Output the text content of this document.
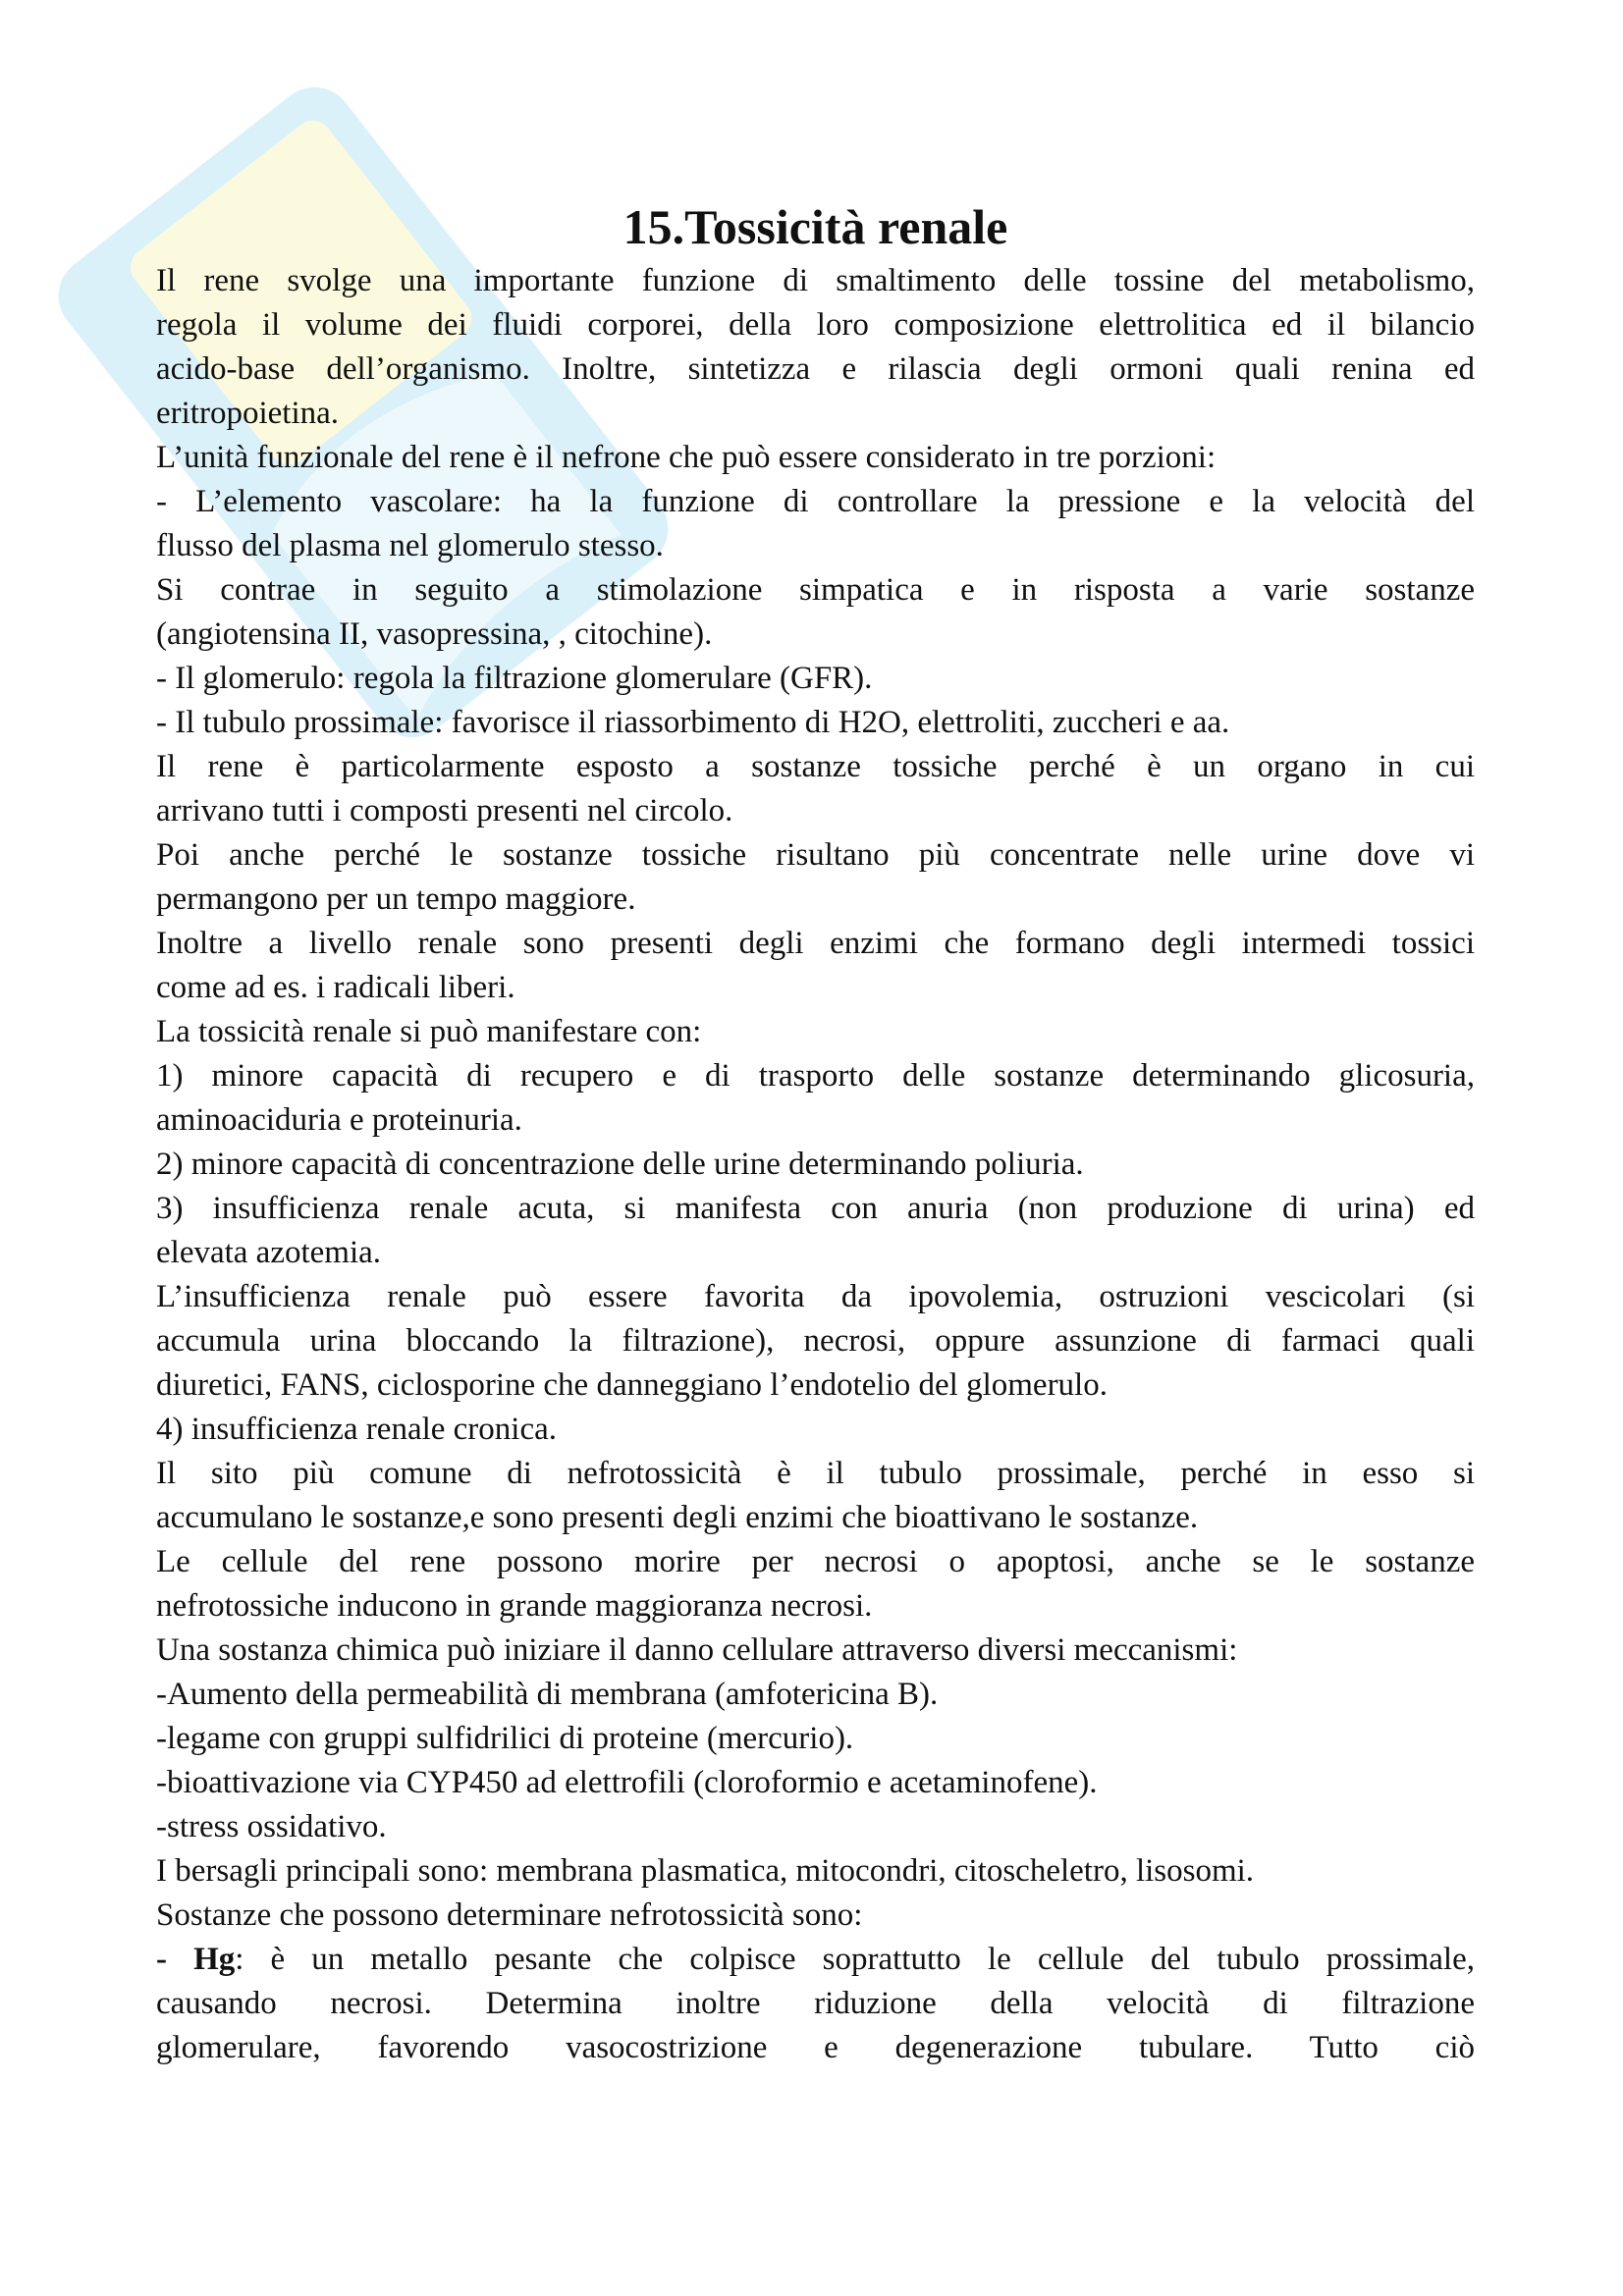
15.Tossicità renale
Il rene svolge una importante funzione di smaltimento delle tossine del metabolismo,
regola il volume dei fluidi corporei, della loro composizione elettrolitica ed il bilancio
acido-base dell’organismo. Inoltre, sintetizza e rilascia degli ormoni quali renina ed
eritropoietina.
L’unità funzionale del rene è il nefrone che può essere considerato in tre porzioni:
- L’elemento vascolare: ha la funzione di controllare la pressione e la velocità del
flusso del plasma nel glomerulo stesso.
Si contrae in seguito a stimolazione simpatica e in risposta a varie sostanze
(angiotensina II, vasopressina, , citochine).
- Il glomerulo: regola la filtrazione glomerulare (GFR).
- Il tubulo prossimale: favorisce il riassorbimento di H2O, elettroliti, zuccheri e aa.
Il rene è particolarmente esposto a sostanze tossiche perché è un organo in cui
arrivano tutti i composti presenti nel circolo.
Poi anche perché le sostanze tossiche risultano più concentrate nelle urine dove vi
permangono per un tempo maggiore.
Inoltre a livello renale sono presenti degli enzimi che formano degli intermedi tossici
come ad es. i radicali liberi.
La tossicità renale si può manifestare con:
1) minore capacità di recupero e di trasporto delle sostanze determinando glicosuria,
aminoaciduria e proteinuria.
2) minore capacità di concentrazione delle urine determinando poliuria.
3) insufficienza renale acuta, si manifesta con anuria (non produzione di urina) ed
elevata azotemia.
L’insufficienza renale può essere favorita da ipovolemia, ostruzioni vescicolari (si
accumula urina bloccando la filtrazione), necrosi, oppure assunzione di farmaci quali
diuretici, FANS, ciclosporine che danneggiano l’endotelio del glomerulo.
4) insufficienza renale cronica.
Il sito più comune di nefrotossicità è il tubulo prossimale, perché in esso si
accumulano le sostanze,e sono presenti degli enzimi che bioattivano le sostanze.
Le cellule del rene possono morire per necrosi o apoptosi, anche se le sostanze
nefrotossiche inducono in grande maggioranza necrosi.
Una sostanza chimica può iniziare il danno cellulare attraverso diversi meccanismi:
-Aumento della permeabilità di membrana (amfotericina B).
-legame con gruppi sulfidrilici di proteine (mercurio).
-bioattivazione via CYP450 ad elettrofili (cloroformio e acetaminofene).
-stress ossidativo.
I bersagli principali sono: membrana plasmatica, mitocondri, citoscheletro, lisosomi.
Sostanze che possono determinare nefrotossicità sono:
- Hg: è un metallo pesante che colpisce soprattutto le cellule del tubulo prossimale,
causando necrosi. Determina inoltre riduzione della velocità di filtrazione
glomerulare, favorendo vasocostrizione e degenerazione tubulare. Tutto ciò
